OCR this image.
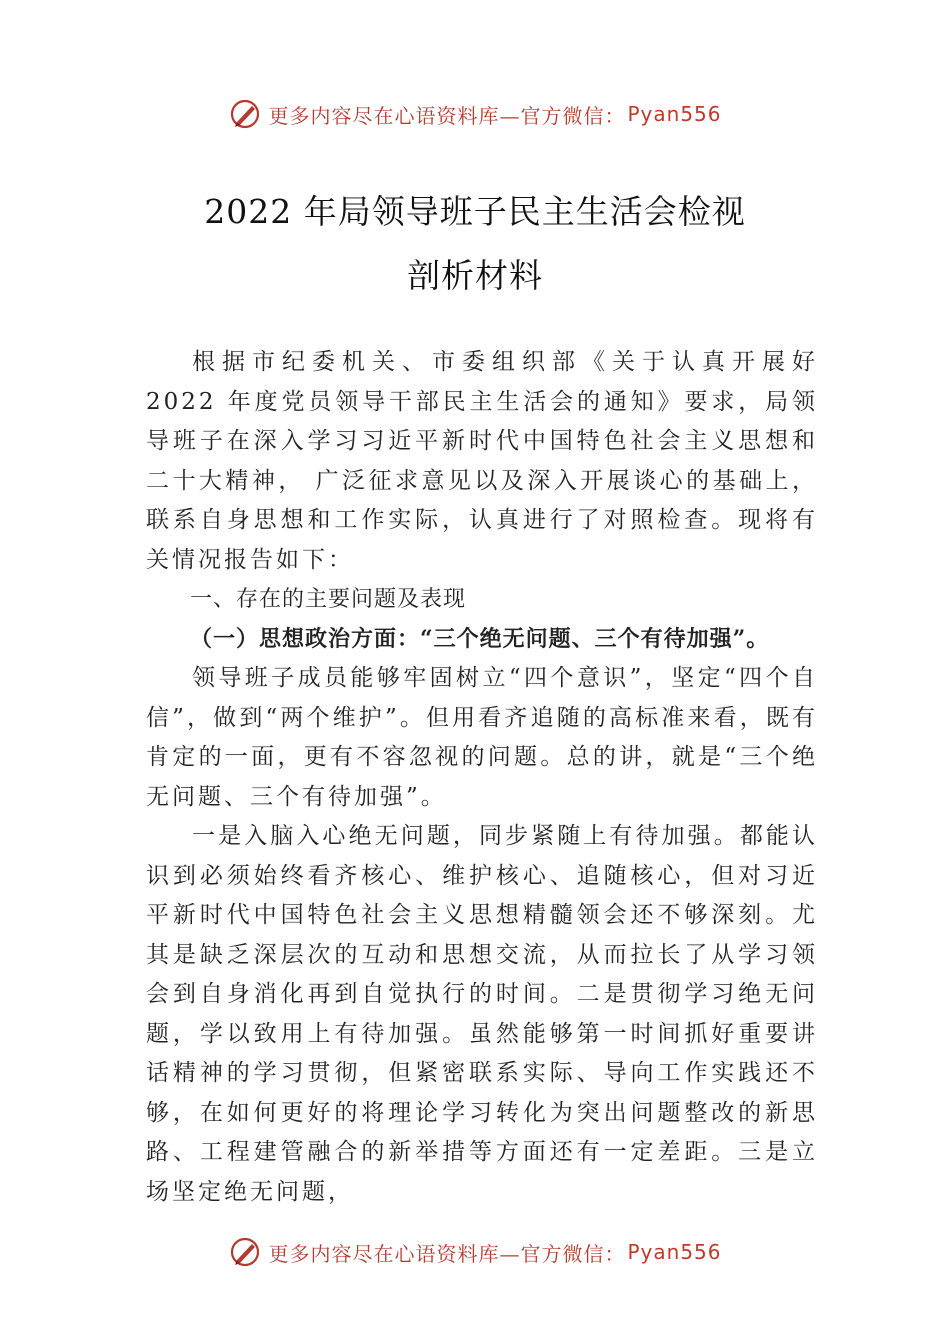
更多内容尽在心语资料库—官方微信： Pyan556
2022 年局领导班子民主生活会检视
剖析材料

根据市纪委机关、市委组织部《关于认真开展好 2022 年度党员领导干部民主生活会的通知》要求，局领导班子在深入学习习近平新时代中国特色社会主义思想和二十大精神， 广泛征求意见以及深入开展谈心的基础上，联系自身思想和工作实际，认真进行了对照检查。现将有关情况报告如下：

一、存在的主要问题及表现

（一）思想政治方面：“三个绝无问题、三个有待加强”。

领导班子成员能够牢固树立“四个意识”，坚定“四个自信”，做到“两个维护”。但用看齐追随的高标准来看，既有肯定的一面，更有不容忽视的问题。总的讲，就是“三个绝无问题、三个有待加强”。

一是入脑入心绝无问题，同步紧随上有待加强。都能认识到必须始终看齐核心、维护核心、追随核心，但对习近平新时代中国特色社会主义思想精髓领会还不够深刻。尤其是缺乏深层次的互动和思想交流，从而拉长了从学习领会到自身消化再到自觉执行的时间。二是贯彻学习绝无问题，学以致用上有待加强。虽然能够第一时间抓好重要讲话精神的学习贯彻，但紧密联系实际、导向工作实践还不够，在如何更好的将理论学习转化为突出问题整改的新思路、工程建管融合的新举措等方面还有一定差距。三是立场坚定绝无问题，

更多内容尽在心语资料库—官方微信： Pyan556
